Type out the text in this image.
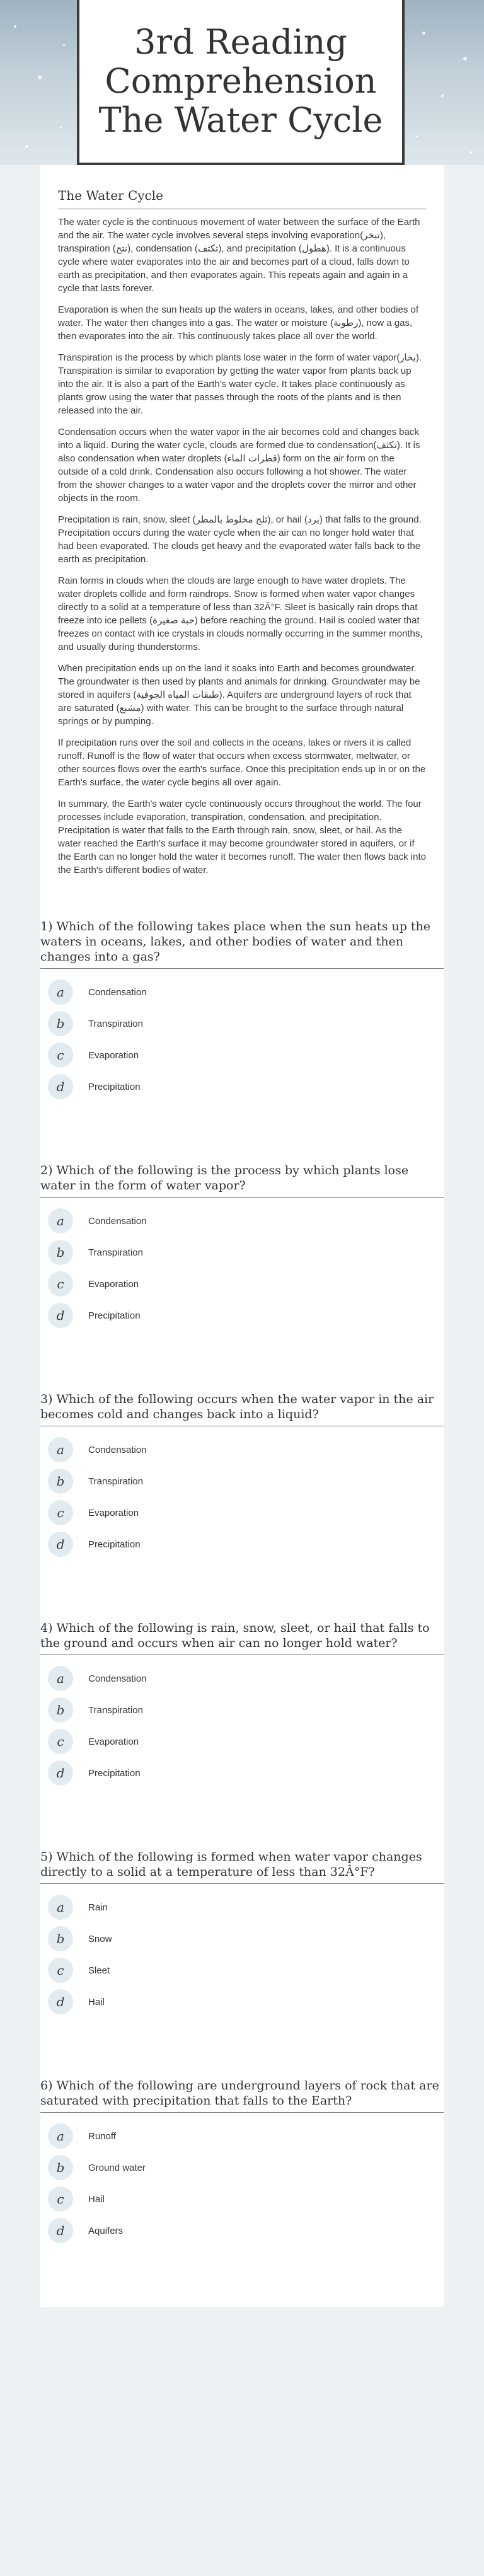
3rd Reading
Comprehension
The Water Cycle
The Water Cycle

The water cycle is the continuous movement of water between the surface of the Earth and the air. The water cycle involves several steps involving evaporation(تبخر), transpiration (نتح), condensation (تكثف), and precipitation (هطول). It is a continuous cycle where water evaporates into the air and becomes part of a cloud, falls down to earth as precipitation, and then evaporates again. This repeats again and again in a cycle that lasts forever.

Evaporation is when the sun heats up the waters in oceans, lakes, and other bodies of water. The water then changes into a gas. The water or moisture (رطوبة), now a gas, then evaporates into the air. This continuously takes place all over the world.

Transpiration is the process by which plants lose water in the form of water vapor(بخار). Transpiration is similar to evaporation by getting the water vapor from plants back up into the air. It is also a part of the Earth's water cycle. It takes place continuously as plants grow using the water that passes through the roots of the plants and is then released into the air.

Condensation occurs when the water vapor in the air becomes cold and changes back into a liquid. During the water cycle, clouds are formed due to condensation(تكثف). It is also condensation when water droplets (قطرات الماء) form on the air form on the outside of a cold drink. Condensation also occurs following a hot shower. The water from the shower changes to a water vapor and the droplets cover the mirror and other objects in the room.

Precipitation is rain, snow, sleet (ثلج مخلوط بالمطر), or hail (برد) that falls to the ground. Precipitation occurs during the water cycle when the air can no longer hold water that had been evaporated. The clouds get heavy and the evaporated water falls back to the earth as precipitation.

Rain forms in clouds when the clouds are large enough to have water droplets. The water droplets collide and form raindrops. Snow is formed when water vapor changes directly to a solid at a temperature of less than 32Â°F. Sleet is basically rain drops that freeze into ice pellets (حبة صغيرة) before reaching the ground. Hail is cooled water that freezes on contact with ice crystals in clouds normally occurring in the summer months, and usually during thunderstorms.

When precipitation ends up on the land it soaks into Earth and becomes groundwater. The groundwater is then used by plants and animals for drinking. Groundwater may be stored in aquifers (طبقات المياه الجوفية). Aquifers are underground layers of rock that are saturated (مشبع) with water. This can be brought to the surface through natural springs or by pumping.

If precipitation runs over the soil and collects in the oceans, lakes or rivers it is called runoff. Runoff is the flow of water that occurs when excess stormwater, meltwater, or other sources flows over the earth's surface. Once this precipitation ends up in or on the Earth's surface, the water cycle begins all over again.

In summary, the Earth's water cycle continuously occurs throughout the world. The four processes include evaporation, transpiration, condensation, and precipitation. Precipitation is water that falls to the Earth through rain, snow, sleet, or hail. As the water reached the Earth's surface it may become groundwater stored in aquifers, or if the Earth can no longer hold the water it becomes runoff. The water then flows back into the Earth's different bodies of water.

1) Which of the following takes place when the sun heats up the waters in oceans, lakes, and other bodies of water and then changes into a gas?
a	Condensation
b	Transpiration
c	Evaporation
d	Precipitation
2) Which of the following is the process by which plants lose water in the form of water vapor?
a	Condensation
b	Transpiration
c	Evaporation
d	Precipitation
3) Which of the following occurs when the water vapor in the air becomes cold and changes back into a liquid?
a	Condensation
b	Transpiration
c	Evaporation
d	Precipitation
4) Which of the following is rain, snow, sleet, or hail that falls to the ground and occurs when air can no longer hold water?
a	Condensation
b	Transpiration
c	Evaporation
d	Precipitation
5) Which of the following is formed when water vapor changes directly to a solid at a temperature of less than 32Â°F?
a	Rain
b	Snow
c	Sleet
d	Hail
6) Which of the following are underground layers of rock that are saturated with precipitation that falls to the Earth?
a	Runoff
b	Ground water
c	Hail
d	Aquifers
